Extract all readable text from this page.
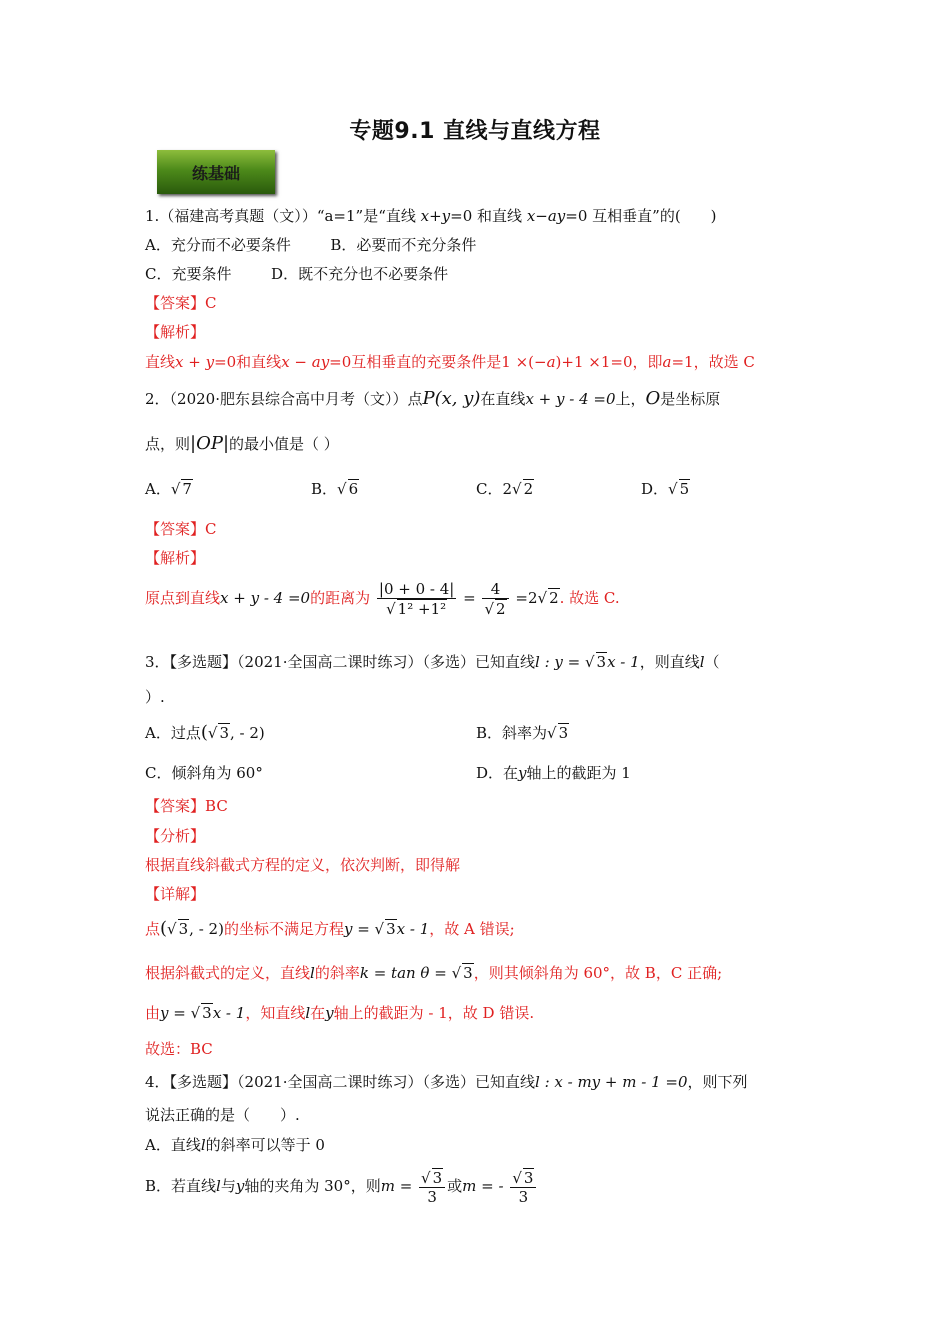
专题9.1 直线与直线方程
练基础
1.（福建高考真题（文））“a=1”是“直线 x+y=0 和直线 x−ay=0 互相垂直”的(　　)
A．充分而不必要条件	B．必要而不充分条件
C．充要条件	D．既不充分也不必要条件
【答案】C
【解析】
直线x + y=0和直线x − ay=0互相垂直的充要条件是1 ×(−a)+1 ×1=0，即a=1，故选 C
2．（2020·肥东县综合高中月考（文））点P(x, y)在直线x + y - 4 =0上，O是坐标原
点，则|OP|的最小值是（ ）
A．√ 7	B．√ 6	C．2√ 2	D．√ 5
【答案】C
【解析】
原点到直线x + y - 4 =0的距离为 $\frac{|0 + 0 - 4|}{\text{√ 1² +1²}} = \frac{4}{√ 2} =2√$ 2. 故选 C.
3．【多选题】（2021·全国高二课时练习）（多选）已知直线l : y = √ 3x - 1，则直线l（
）.
A．过点(√ 3, - 2)	B．斜率为√ 3
C．倾斜角为 60°	D．在y轴上的截距为 1
【答案】BC
【分析】
根据直线斜截式方程的定义，依次判断，即得解
【详解】
点(√ 3, - 2)的坐标不满足方程y = √ 3x - 1，故 A 错误;
根据斜截式的定义，直线l的斜率k = tan θ = √ 3，则其倾斜角为 60°，故 B，C 正确;
由y = √ 3x - 1，知直线l在y轴上的截距为 - 1，故 D 错误.
故选：BC
4．【多选题】（2021·全国高二课时练习）（多选）已知直线l : x - my + m - 1 =0，则下列
说法正确的是（　　）.
A．直线l的斜率可以等于 0
B．若直线l与y轴的夹角为 30°，则$m = \frac{√ 3}{3}$ 或m = - $\frac{√ 3}{3}$
